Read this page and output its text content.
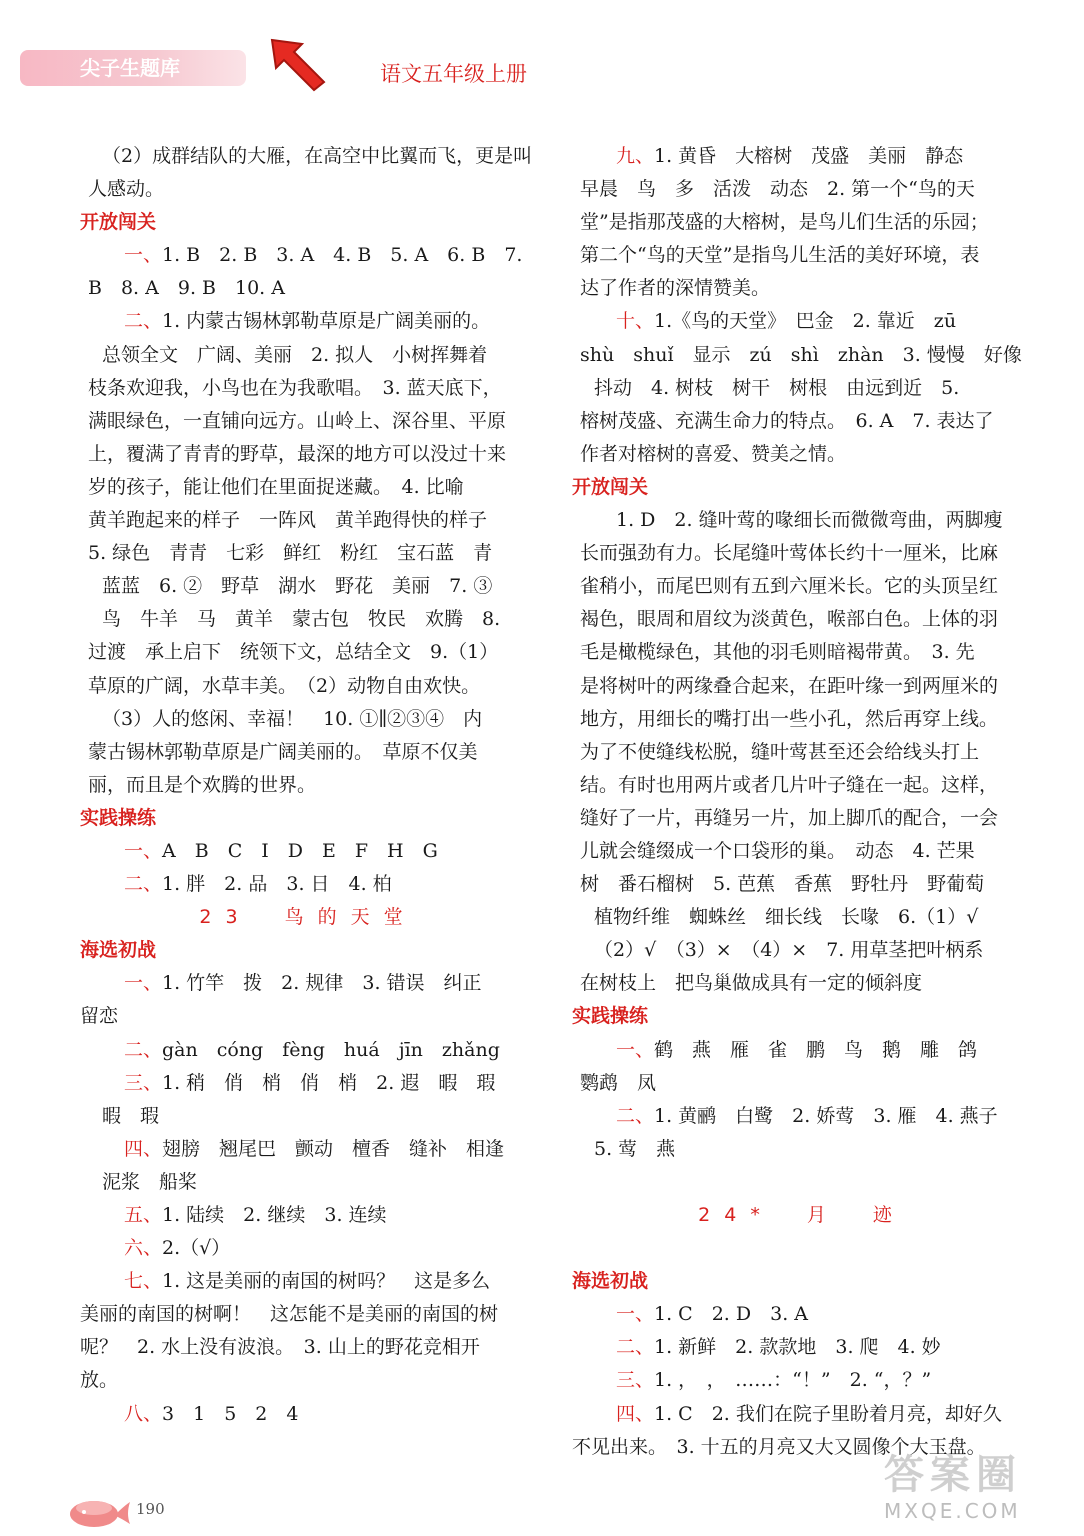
尖子生题库	语文五年级上册
（2）成群结队的大雁，在高空中比翼而飞，更是叫
人感动。
开放闯关
一、1. B　2. B　3. A　4. B　5. A　6. B　7.
B　8. A　9. B　10. A
二、1. 内蒙古锡林郭勒草原是广阔美丽的。
总领全文　广阔、美丽　2. 拟人　小树挥舞着
枝条欢迎我，小鸟也在为我歌唱。　3. 蓝天底下，
满眼绿色，一直铺向远方。山岭上、深谷里、平原
上，覆满了青青的野草，最深的地方可以没过十来
岁的孩子，能让他们在里面捉迷藏。　4. 比喻
黄羊跑起来的样子　一阵风　黄羊跑得快的样子
5. 绿色　青青　七彩　鲜红　粉红　宝石蓝　青
蓝蓝　6. ②　野草　湖水　野花　美丽　7. ③
鸟　牛羊　马　黄羊　蒙古包　牧民　欢腾　8.
过渡　承上启下　统领下文，总结全文　9.（1）
草原的广阔，水草丰美。　（2）动物自由欢快。
（3）人的悠闲、幸福！　10. ①∥②③④　内
蒙古锡林郭勒草原是广阔美丽的。　草原不仅美
丽，而且是个欢腾的世界。
实践操练
一、A　B　C　I　D　E　F　H　G
二、1. 胖　2. 品　3. 日　4. 柏
23　鸟的天堂
海选初战
一、1. 竹竿　拨　2. 规律　3. 错误　纠正
留恋
二、gàn　cóng　fèng　huá　jīn　zhǎng
三、1. 稍　俏　梢　俏　梢　2. 遐　暇　瑕
暇　瑕
四、翅膀　翘尾巴　颤动　檀香　缝补　相逢
泥浆　船桨
五、1. 陆续　2. 继续　3. 连续
六、2.（√）
七、1. 这是美丽的南国的树吗？　这是多么
美丽的南国的树啊！　这怎能不是美丽的南国的树
呢？　2. 水上没有波浪。　3. 山上的野花竞相开
放。
八、3　1　5　2　4
九、1. 黄昏　大榕树　茂盛　美丽　静态
早晨　鸟　多　活泼　动态　2. 第一个“鸟的天
堂”是指那茂盛的大榕树，是鸟儿们生活的乐园；
第二个“鸟的天堂”是指鸟儿生活的美好环境，表
达了作者的深情赞美。
十、1.《鸟的天堂》　巴金　2. 靠近　zū
shù　shuǐ　显示　zú　shì　zhàn　3. 慢慢　好像
抖动　4. 树枝　树干　树根　由远到近　5.
榕树茂盛、充满生命力的特点。　6. A　7. 表达了
作者对榕树的喜爱、赞美之情。
开放闯关
1. D　2. 缝叶莺的喙细长而微微弯曲，两脚瘦
长而强劲有力。长尾缝叶莺体长约十一厘米，比麻
雀稍小，而尾巴则有五到六厘米长。它的头顶呈红
褐色，眼周和眉纹为淡黄色，喉部白色。上体的羽
毛是橄榄绿色，其他的羽毛则暗褐带黄。　3. 先
是将树叶的两缘叠合起来，在距叶缘一到两厘米的
地方，用细长的嘴打出一些小孔，然后再穿上线。
为了不使缝线松脱，缝叶莺甚至还会给线头打上
结。有时也用两片或者几片叶子缝在一起。这样，
缝好了一片，再缝另一片，加上脚爪的配合，一会
儿就会缝缀成一个口袋形的巢。　动态　4. 芒果
树　番石榴树　5. 芭蕉　香蕉　野牡丹　野葡萄
植物纤维　蜘蛛丝　细长线　长喙　6.（1）√
（2）√　（3）×　（4）×　7. 用草茎把叶柄系
在树枝上　把鸟巢做成具有一定的倾斜度
实践操练
一、鹤　燕　雁　雀　鹏　鸟　鹅　雕　鸽
鹦鹉　凤
二、1. 黄鹂　白鹭　2. 娇莺　3. 雁　4. 燕子
5. 莺　燕
24*　月　迹
海选初战
一、1. C　2. D　3. A
二、1. 新鲜　2. 款款地　3. 爬　4. 妙
三、1. ，　，　……：“！”　2. “，？”
四、1. C　2. 我们在院子里盼着月亮，却好久
不见出来。　3. 十五的月亮又大又圆像个大玉盘。
190
答案圈
MXQE.COM
